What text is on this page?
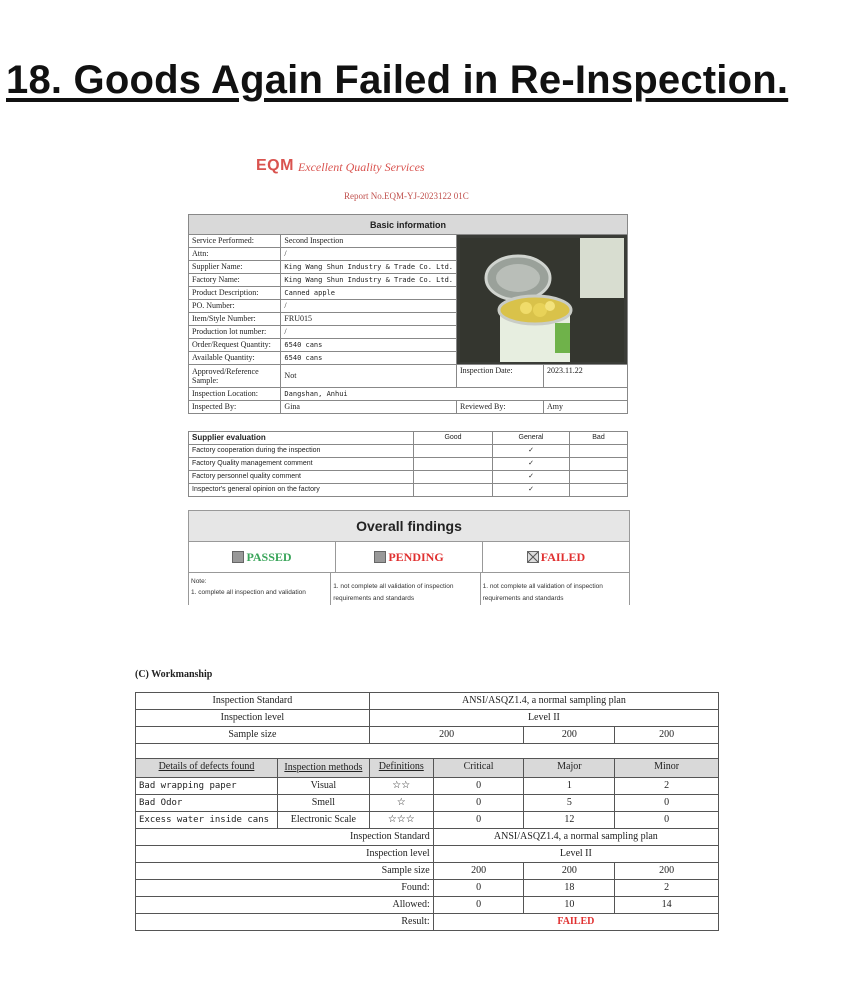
18. Goods Again Failed in Re-Inspection.
EQM Excellent Quality Services
Report No.EQM-YJ-2023122 01C
Basic information			
Service Performed:	Second Inspection	

Attn:	/		
Supplier Name:	King Wang Shun Industry & Trade Co. Ltd.		
Factory Name:	King Wang Shun Industry & Trade Co. Ltd.		
Product Description:	Canned apple		
PO. Number:	/		
Item/Style Number:	FRU015		
Production lot number:	/		
Order/Request Quantity:	6540 cans		
Available Quantity:	6540 cans		
Approved/Reference Sample:	Not	Inspection Date:	2023.11.22
Inspection Location:	Dangshan, Anhui		
Inspected By:	Gina	Reviewed By:	Amy
Supplier evaluation	Good	General	Bad
Factory cooperation during the inspection		✓	
Factory Quality management comment		✓	
Factory personnel quality comment		✓	
Inspector's general opinion on the factory		✓	
Overall findings
PASSED	PENDING	FAILED
Note:
1. complete all inspection and validation
1. not complete all validation of inspection requirements and standards
1. not complete all validation of inspection requirements and standards
(C) Workmanship
Inspection Standard		ANSI/ASQZ1.4, a normal sampling plan			
Inspection level		Level II			
Sample size		200		200	200

Details of defects found	Inspection methods	Definitions	Critical	Major	Minor
Bad wrapping paper	Visual	☆☆	0	1	2
Bad Odor	Smell	☆	0	5	0
Excess water inside cans	Electronic Scale	☆☆☆	0	12	0
Inspection Standard			ANSI/ASQZ1.4, a normal sampling plan		
Inspection level			Level II		
Sample size			200	200	200
Found:			0	18	2
Allowed:			0	10	14
Result:			FAILED		
